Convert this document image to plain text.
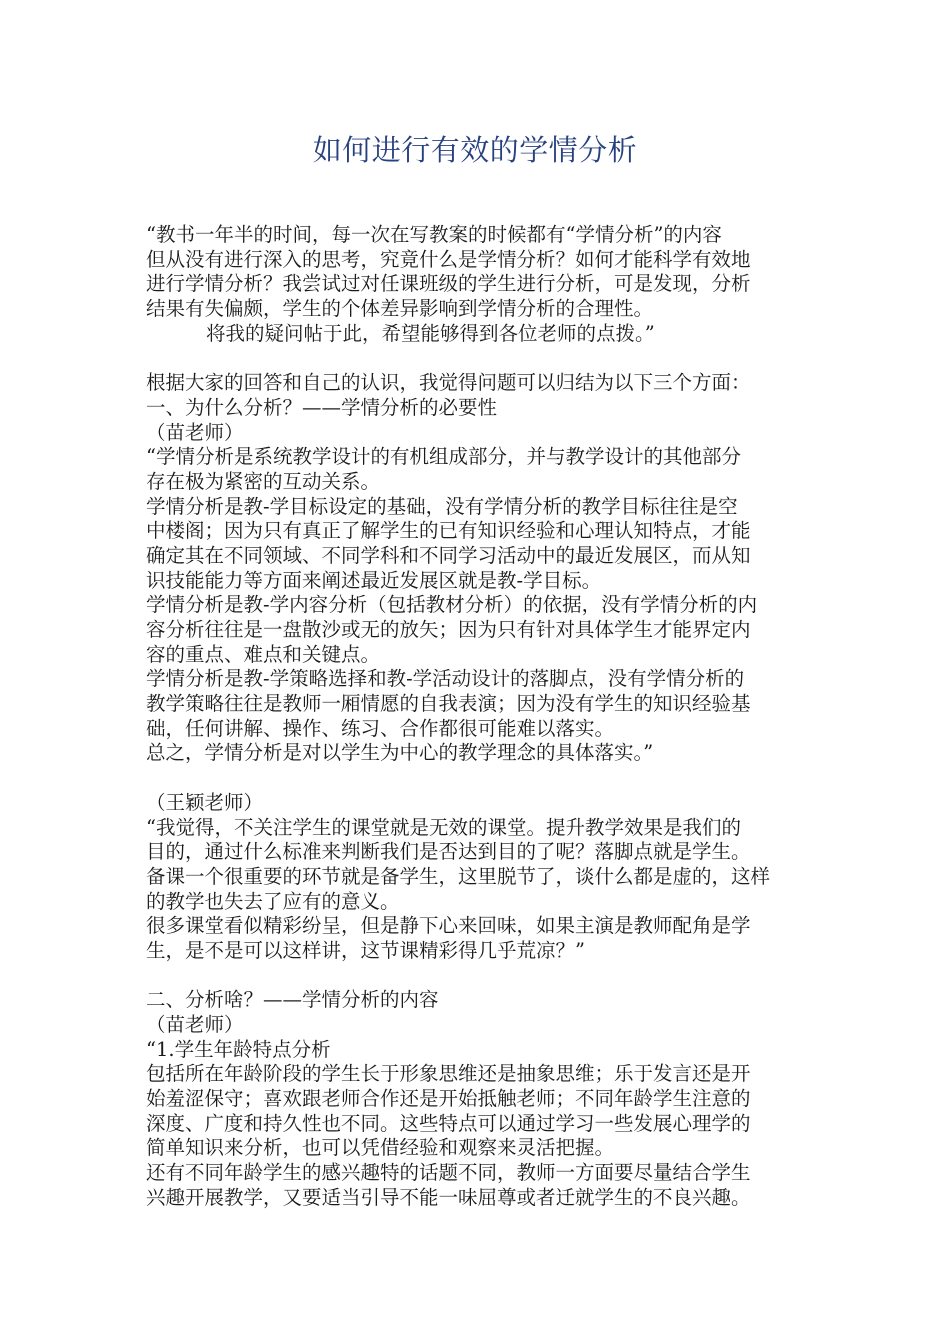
如何进行有效的学情分析
“教书一年半的时间，每一次在写教案的时候都有“学情分析”的内容
但从没有进行深入的思考，究竟什么是学情分析？如何才能科学有效地
进行学情分析？我尝试过对任课班级的学生进行分析，可是发现，分析
结果有失偏颇，学生的个体差异影响到学情分析的合理性。
将我的疑问帖于此，希望能够得到各位老师的点拨。”
根据大家的回答和自己的认识，我觉得问题可以归结为以下三个方面：
一、为什么分析？——学情分析的必要性
（苗老师）
“学情分析是系统教学设计的有机组成部分，并与教学设计的其他部分
存在极为紧密的互动关系。
学情分析是教-学目标设定的基础，没有学情分析的教学目标往往是空
中楼阁；因为只有真正了解学生的已有知识经验和心理认知特点，才能
确定其在不同领域、不同学科和不同学习活动中的最近发展区，而从知
识技能能力等方面来阐述最近发展区就是教-学目标。
学情分析是教-学内容分析（包括教材分析）的依据，没有学情分析的内
容分析往往是一盘散沙或无的放矢；因为只有针对具体学生才能界定内
容的重点、难点和关键点。
学情分析是教-学策略选择和教-学活动设计的落脚点，没有学情分析的
教学策略往往是教师一厢情愿的自我表演；因为没有学生的知识经验基
础，任何讲解、操作、练习、合作都很可能难以落实。
总之，学情分析是对以学生为中心的教学理念的具体落实。”
（王颖老师）
“我觉得，不关注学生的课堂就是无效的课堂。提升教学效果是我们的
目的，通过什么标准来判断我们是否达到目的了呢？落脚点就是学生。
备课一个很重要的环节就是备学生，这里脱节了，谈什么都是虚的，这样
的教学也失去了应有的意义。
很多课堂看似精彩纷呈，但是静下心来回味，如果主演是教师配角是学
生，是不是可以这样讲，这节课精彩得几乎荒凉？”
二、分析啥？——学情分析的内容
（苗老师）
“1.学生年龄特点分析
包括所在年龄阶段的学生长于形象思维还是抽象思维；乐于发言还是开
始羞涩保守；喜欢跟老师合作还是开始抵触老师；不同年龄学生注意的
深度、广度和持久性也不同。这些特点可以通过学习一些发展心理学的
简单知识来分析，也可以凭借经验和观察来灵活把握。
还有不同年龄学生的感兴趣特的话题不同，教师一方面要尽量结合学生
兴趣开展教学，又要适当引导不能一味屈尊或者迁就学生的不良兴趣。
